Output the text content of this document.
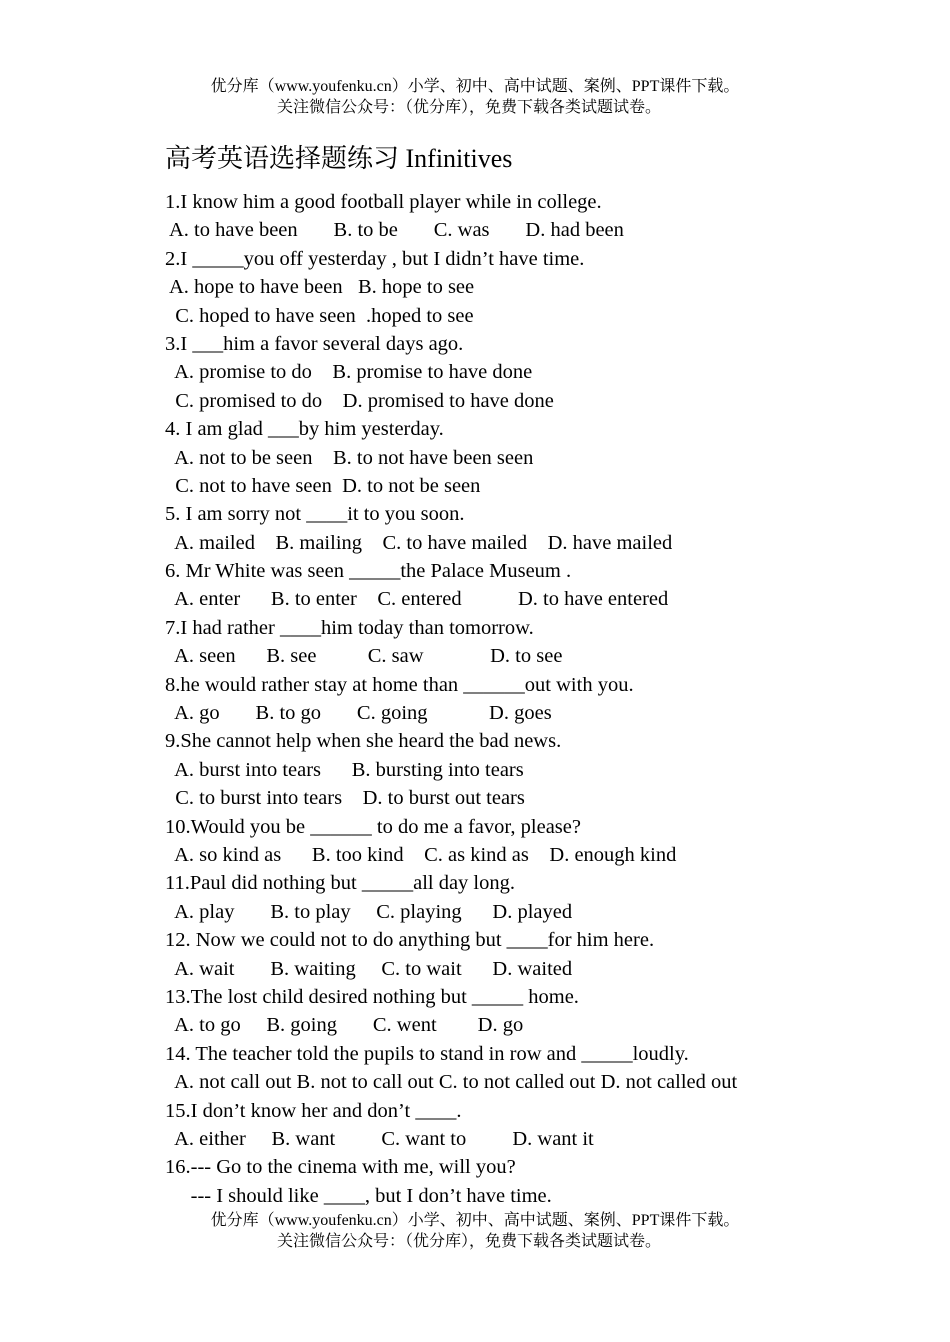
优分库（www.youfenku.cn）小学、初中、高中试题、案例、PPT课件下载。
关注微信公众号：（优分库），免费下载各类试题试卷。
高考英语选择题练习 Infinitives
1.I know him a good football player while in college.
A. to have been       B. to be       C. was       D. had been
2.I _____you off yesterday , but I didn’t have time.
A. hope to have been   B. hope to see
C. hoped to have seen  .hoped to see
3.I ___him a favor several days ago.
A. promise to do    B. promise to have done
C. promised to do    D. promised to have done
4. I am glad ___by him yesterday.
A. not to be seen    B. to not have been seen
C. not to have seen  D. to not be seen
5. I am sorry not ____it to you soon.
A. mailed    B. mailing    C. to have mailed    D. have mailed
6. Mr White was seen _____the Palace Museum .
A. enter      B. to enter    C. entered           D. to have entered
7.I had rather ____him today than tomorrow.
A. seen      B. see          C. saw             D. to see
8.he would rather stay at home than ______out with you.
A. go       B. to go       C. going            D. goes
9.She cannot help when she heard the bad news.
A. burst into tears      B. bursting into tears
C. to burst into tears    D. to burst out tears
10.Would you be ______ to do me a favor, please?
A. so kind as      B. too kind    C. as kind as    D. enough kind
11.Paul did nothing but _____all day long.
A. play       B. to play     C. playing      D. played
12. Now we could not to do anything but ____for him here.
A. wait       B. waiting     C. to wait      D. waited
13.The lost child desired nothing but _____ home.
A. to go     B. going       C. went        D. go
14. The teacher told the pupils to stand in row and _____loudly.
A. not call out B. not to call out C. to not called out D. not called out
15.I don’t know her and don’t ____.
A. either     B. want         C. want to         D. want it
16.--- Go to the cinema with me, will you?
--- I should like ____, but I don’t have time.
优分库（www.youfenku.cn）小学、初中、高中试题、案例、PPT课件下载。
关注微信公众号：（优分库），免费下载各类试题试卷。
